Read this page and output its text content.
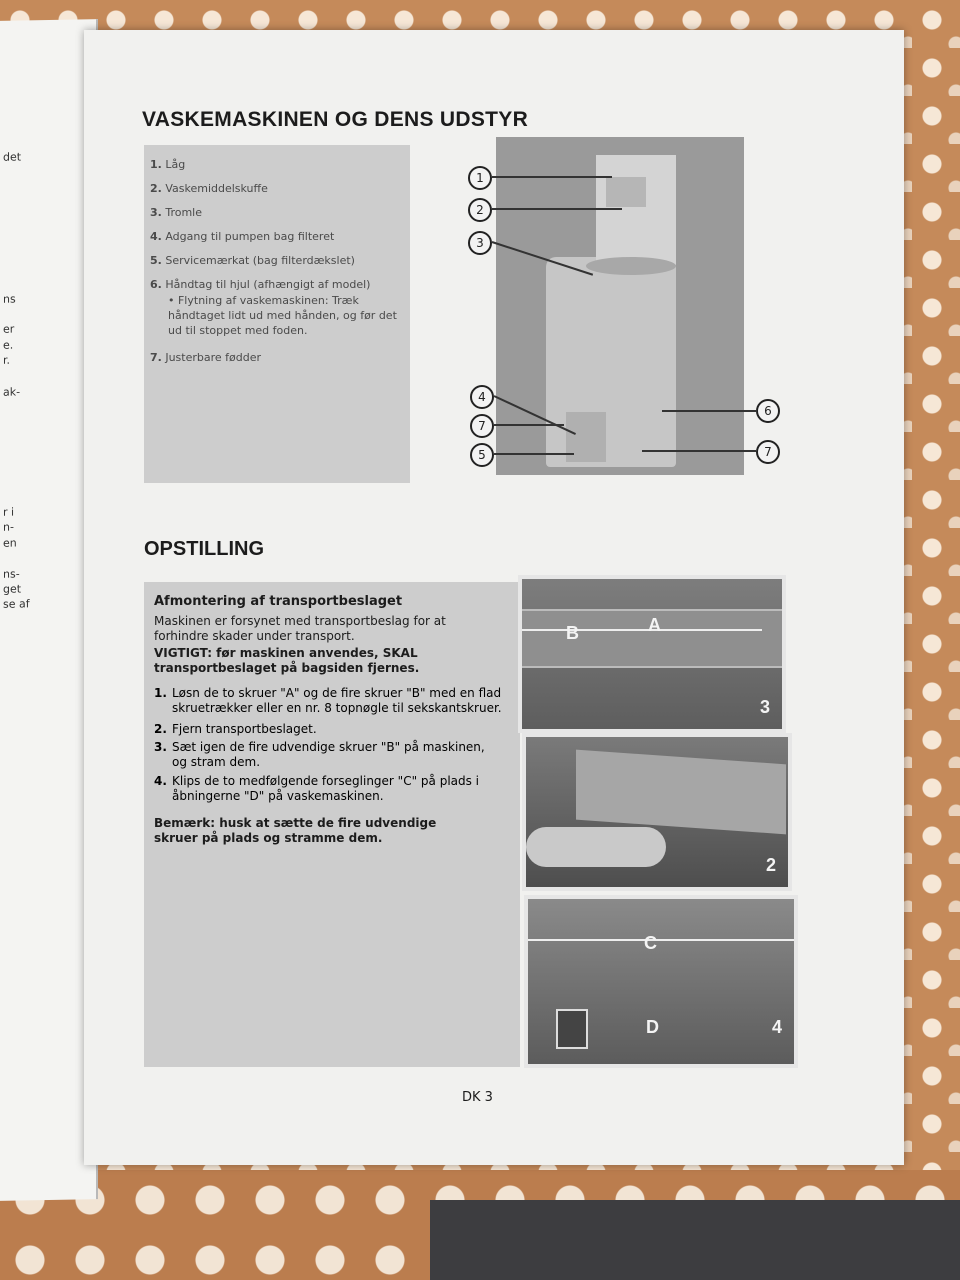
det
ns
er
e.
r.
ak-
r i
n-
en
ns-
get
se af
VASKEMASKINEN OG DENS UDSTYR
1. Låg
2. Vaskemiddelskuffe
3. Tromle
4. Adgang til pumpen bag filteret
5. Servicemærkat (bag filterdækslet)
6. Håndtag til hjul (afhængigt af model)
• Flytning af vaskemaskinen: Træk håndtaget lidt ud med hånden, og før det ud til stoppet med foden.
7. Justerbare fødder
1
2
3
4
7
5
6
7
OPSTILLING
Afmontering af transportbeslaget
Maskinen er forsynet med transportbeslag for at forhindre skader under transport.
VIGTIGT: før maskinen anvendes, SKAL transportbeslaget på bagsiden fjernes.
1. Løsn de to skruer "A" og de fire skruer "B" med en flad skruetrækker eller en nr. 8 topnøgle til sekskantskruer.
2. Fjern transportbeslaget.
3. Sæt igen de fire udvendige skruer "B" på maskinen, og stram dem.
4. Klips de to medfølgende forseglinger "C" på plads i åbningerne "D" på vaskemaskinen.
Bemærk: husk at sætte de fire udvendige skruer på plads og stramme dem.
B	A
3
2
C
D	4
DK 3
